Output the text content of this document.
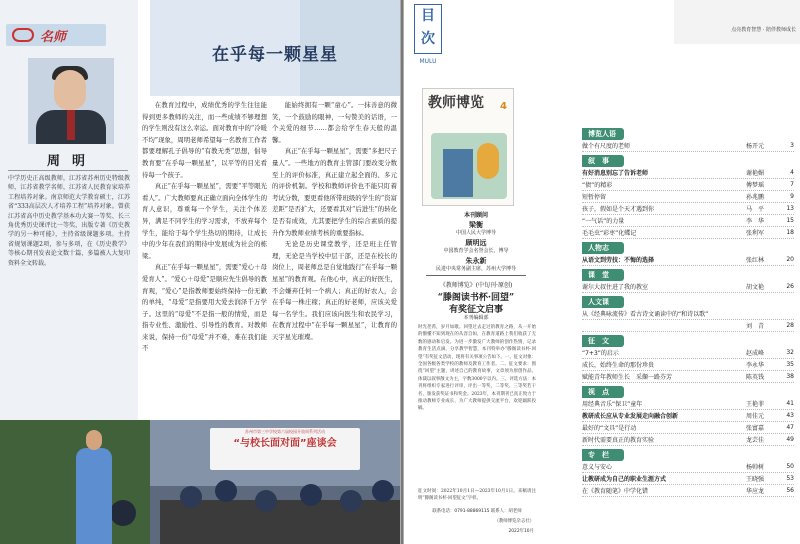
名师
周明
中学历史正高级教师，江苏省苏州历史特级教师，江苏省教学名师，江苏省人民教育家培养工程培养对象。南京师范大学教育硕士，江苏省“333高层次人才培养工程”培养对象。曾获江苏省高中历史教学基本功大赛一等奖、长三角优秀历史课评比一等奖，出版专著《历史教学的另一种可能》，主持省级课题多项。主持省规划课题2项，参与多项，在《历史教学》等核心期刊发表论文数十篇，多篇被人大复印资料全文转载。
在乎每一颗星星

在教育过程中，成绩优秀的学生往往能得到更多教师的关注，而一些成绩不够理想的学生则没有这么幸运。面对教育中的“冷暖不均”现象，周明老师希望每一名教育工作者都要理解孔子倡导的“有教无类”思想，倡导教育要“在乎每一颗星星”，以平等的目光看待每一个孩子。

真正“在乎每一颗星星”，需要“平等眼光看人”。广大教师要真正确立面向全体学生的育人意识，尊重每一个学生，关注个体差异，满足不同学生的学习需求，不放弃每个学生，能给于每个学生热切的期待，让成长中的少年在我们的期待中发展成为社会的栋梁。

真正“在乎每一颗星星”，需要“爱心＋母爱育人”。“爱心＋母爱”是顺应先生倡导的教育观，“爱心”是指教师要始终保持一份无歉的单纯，“母爱”是指要用大爱去润泽千万学子。这里的“母爱”不是指一般的情爱，而是指专业性、激励性、引导性的教育。对教师来说，保持一份“母爱”并不难，难在我们能不

能始终拥有一颗“童心”。一抹善意的微笑，一个鼓励的眼神，一句赞美的话语，一个关爱的细节……都会给学生春天般的温馨。

真正“在乎每一颗星星”，需要“多把尺子量人”。一些地方的教育主管部门要改变分数至上的评价标准，真正建立起全面的、多元的评价机制。学校和教师评价也不能只盯着考试分数，要更看他所带班级的学生的“资富差距”是否扩大，还要看其对“后进生”的转化是否有成效，尤其要把学生的综合素质的提升作为教师业绩考核的重要指标。

无论是历史课堂教学，还是班主任管理，无论是当学校中层干部，还是在校长的岗位上，周老师总是自觉地践行“在乎每一颗星星”的教育观。在他心中，真正的好医生，不会嫌弃任何一个病人；真正的好农人，会在乎每一株庄稼；真正的好老师，应该关爱每一名学生。我们应该向医生和农民学习，在教育过程中“在乎每一颗星星”，让教育的天宇星光璀璨。

苏州市第三中学校第六届校园开放周系列活动
“与校长面对面”座谈会
点亮教育智慧 · 陪伴教师成长
目
次
MULU
教师博览 4
本刊顾问
梁衡
中国人民大学博导
顾明远
中国教育学会名誉会长，博导
朱永新
民进中央常务副主席，苏州大学博导
《教师博览》(中旬刊·原创)
“滕阁读书杯·回望”
有奖征文启事
本刊编辑部
时光荏苒，岁月如歌。回望过去走过的教育之路，从一开始的懵懂不知到现在的从容自如，在教育道路上我们收获了无数的感动和启发。为进一步激发广大教师的创作热情，记录教育生活点滴，分享教学智慧，本刊特举办“滕阁读书杯·回望”有奖征文活动，现将有关事项公告如下。一、征文对象：全国各级各类学校的教师及教育工作者。二、征文要求：围绕“回望”主题，讲述自己的教育故事，文章须为原创作品，体裁以叙事散文为主，字数3000字以内。三、评选方法：本刊将组织专家进行评审，评出一等奖、二等奖、三等奖若干名，颁发获奖证书和奖金。2023年，本刊期刊已真正致力于推动教师专业成长，为广大教师提供交流平台，欢迎踊跃投稿。
征文时间：2022年10月1日—2023年10月1日。来稿请注明“滕阁读书杯·回望征文”字样。
联系电话：0791-88869115 联系人：胡老师
（教师博览杂志社）
2022年10月
博览人语
做个有尺度的老师	杨开元	3
叙　事
有好消息别忘了告诉老师	谢艳媚	4
“债”的精彩	傅梦瑶	7
短暂停留	孙兆鹏	9
孩子，假如是个天才遇到你	马　平	13
“一气话”的力量	李　华	15
毛毛虫“彩枣”化蝶记	张利军	18
人物志
从语文到劳技：不悔的选择	张红林	20
课　堂
谢尔大叔住进了我的教室	胡文艳	26
人文课
从《经典咏流传》看古诗文诵读中的“和诗以歌”
刘　青	28
征　文
“7+3”的启示	赵成峰	32
成长，始终生命的那份珍贵	李永华	35
赋能青年教师生长　采撷一路芬芳	陈英钱	38
视　点
用经典音乐“保卫”童年	王艳菲	41
教研成长应从专业发展走向融合创新	周佳元	43
最好的“文具”是行动	张富嘉	47
新时代需要真正的教育实验	龙芸佳	49
专　栏
意义与安心	杨帅树	50
让教研成为自己的职业生涯方式	王晓强	53
在《教育随笔》中学化错	华应龙	56
